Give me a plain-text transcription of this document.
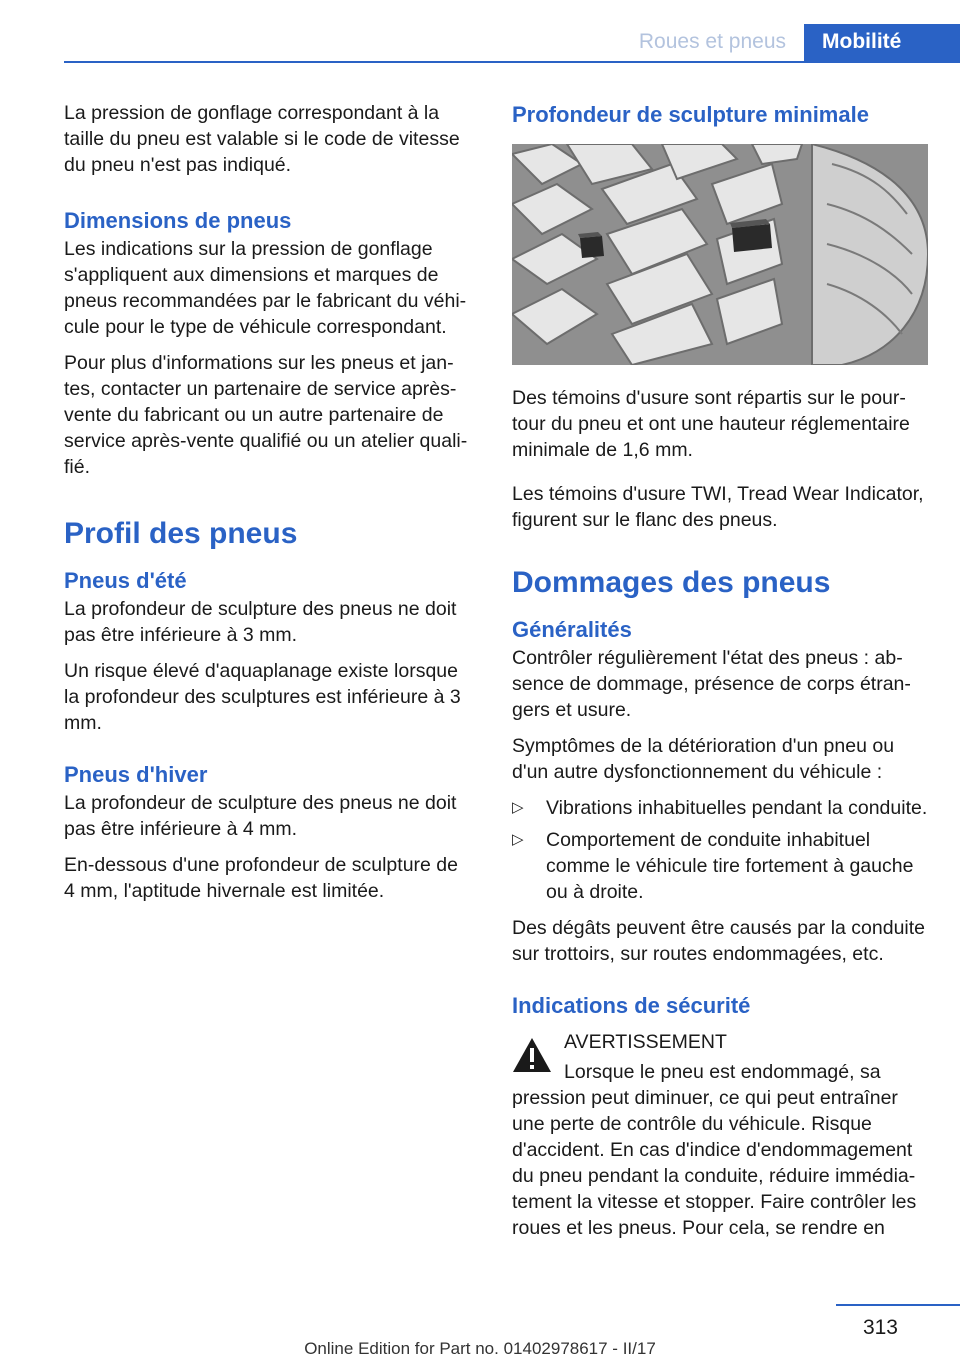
Roues et pneus	Mobilité

La pression de gonflage correspondant à la taille du pneu est valable si le code de vitesse du pneu n'est pas indiqué.

Dimensions de pneus

Les indications sur la pression de gonflage s'appliquent aux dimensions et marques de pneus recommandées par le fabricant du véhicule pour le type de véhicule correspondant.

Pour plus d'informations sur les pneus et jantes, contacter un partenaire de service après-vente du fabricant ou un autre partenaire de service après-vente qualifié ou un atelier qualifié.

Profil des pneus
Pneus d'été

La profondeur de sculpture des pneus ne doit pas être inférieure à 3 mm.

Un risque élevé d'aquaplanage existe lorsque la profondeur des sculptures est inférieure à 3 mm.

Pneus d'hiver

La profondeur de sculpture des pneus ne doit pas être inférieure à 4 mm.

En-dessous d'une profondeur de sculpture de 4 mm, l'aptitude hivernale est limitée.

Profondeur de sculpture minimale

Des témoins d'usure sont répartis sur le pourtour du pneu et ont une hauteur réglementaire minimale de 1,6 mm.

Les témoins d'usure TWI, Tread Wear Indicator, figurent sur le flanc des pneus.

Dommages des pneus
Généralités

Contrôler régulièrement l'état des pneus : absence de dommage, présence de corps étrangers et usure.

Symptômes de la détérioration d'un pneu ou d'un autre dysfonctionnement du véhicule :

▷ Vibrations inhabituelles pendant la conduite.
▷ Comportement de conduite inhabituel comme le véhicule tire fortement à gauche ou à droite.

Des dégâts peuvent être causés par la conduite sur trottoirs, sur routes endommagées, etc.

Indications de sécurité

AVERTISSEMENT

Lorsque le pneu est endommagé, sa

pression peut diminuer, ce qui peut entraîner une perte de contrôle du véhicule. Risque d'accident. En cas d'indice d'endommagement du pneu pendant la conduite, réduire immédiatement la vitesse et stopper. Faire contrôler les roues et les pneus. Pour cela, se rendre en

313
Online Edition for Part no. 01402978617 - II/17
